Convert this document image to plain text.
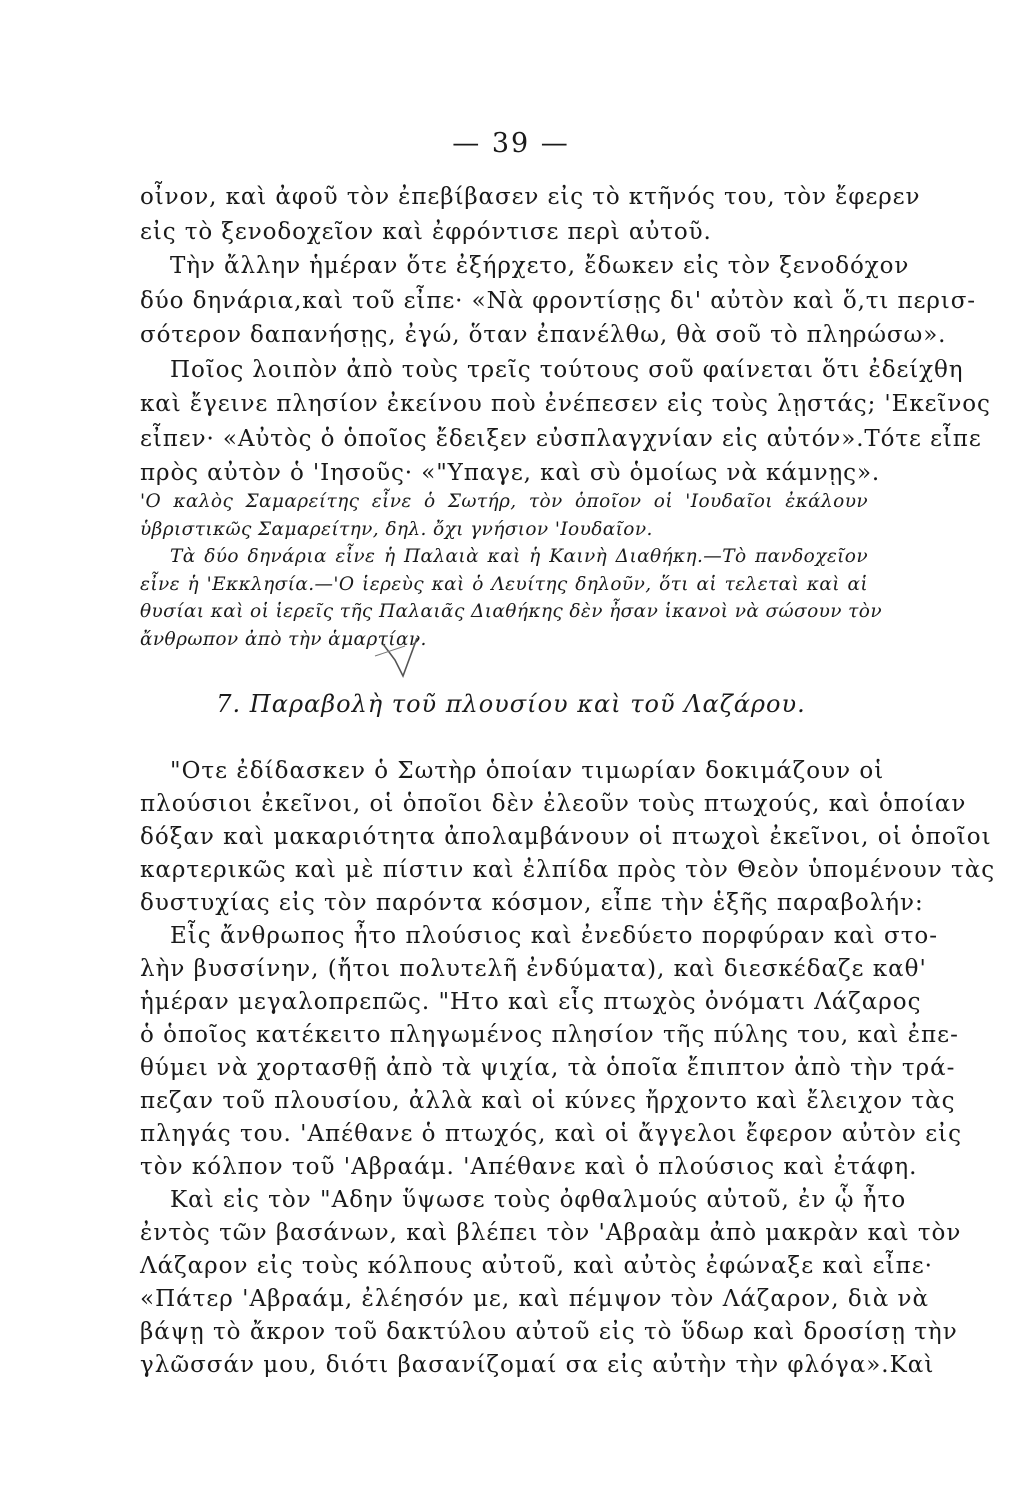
— 39 —
οἶνον, καὶ ἀφοῦ τὸν ἐπεβίβασεν εἰς τὸ κτῆνός του, τὸν ἔφερεν
εἰς τὸ ξενοδοχεῖον καὶ ἐφρόντισε περὶ αὐτοῦ.
Τὴν ἄλλην ἡμέραν ὅτε ἐξήρχετο, ἔδωκεν εἰς τὸν ξενοδόχον
δύο δηνάρια,καὶ τοῦ εἶπε· «Νὰ φροντίσῃς δι' αὐτὸν καὶ ὅ,τι περισ-
σότερον δαπανήσῃς, ἐγώ, ὅταν ἐπανέλθω, θὰ σοῦ τὸ πληρώσω».
Ποῖος λοιπὸν ἀπὸ τοὺς τρεῖς τούτους σοῦ φαίνεται ὅτι ἐδείχθη
καὶ ἔγεινε πλησίον ἐκείνου ποὺ ἐνέπεσεν εἰς τοὺς λῃστάς; 'Εκεῖνος
εἶπεν· «Αὐτὸς ὁ ὁποῖος ἔδειξεν εὐσπλαγχνίαν εἰς αὐτόν».Τότε εἶπε
πρὸς αὐτὸν ὁ 'Ιησοῦς· «"Υπαγε, καὶ σὺ ὁμοίως νὰ κάμνῃς».
'Ο καλὸς Σαμαρείτης εἶνε ὁ Σωτήρ, τὸν ὁποῖον οἱ 'Ιουδαῖοι ἐκάλουν
ὑβριστικῶς Σαμαρείτην, δηλ. ὄχι γνήσιον 'Ιουδαῖον.
Τὰ δύο δηνάρια εἶνε ἡ Παλαιὰ καὶ ἡ Καινὴ Διαθήκη.—Τὸ πανδοχεῖον
εἶνε ἡ 'Εκκλησία.—'Ο ἱερεὺς καὶ ὁ Λευίτης δηλοῦν, ὅτι αἱ τελεταὶ καὶ αἱ
θυσίαι καὶ οἱ ἱερεῖς τῆς Παλαιᾶς Διαθήκης δὲν ἦσαν ἱκανοὶ νὰ σώσουν τὸν
ἄνθρωπον ἀπὸ τὴν ἁμαρτίαν.
7. Παραβολὴ τοῦ πλουσίου καὶ τοῦ Λαζάρου.
"Οτε ἐδίδασκεν ὁ Σωτὴρ ὁποίαν τιμωρίαν δοκιμάζουν οἱ
πλούσιοι ἐκεῖνοι, οἱ ὁποῖοι δὲν ἐλεοῦν τοὺς πτωχούς, καὶ ὁποίαν
δόξαν καὶ μακαριότητα ἀπολαμβάνουν οἱ πτωχοὶ ἐκεῖνοι, οἱ ὁποῖοι
καρτερικῶς καὶ μὲ πίστιν καὶ ἐλπίδα πρὸς τὸν Θεὸν ὑπομένουν τὰς
δυστυχίας εἰς τὸν παρόντα κόσμον, εἶπε τὴν ἑξῆς παραβολήν:
Εἷς ἄνθρωπος ἦτο πλούσιος καὶ ἐνεδύετο πορφύραν καὶ στο-
λὴν βυσσίνην, (ἤτοι πολυτελῆ ἐνδύματα), καὶ διεσκέδαζε καθ'
ἡμέραν μεγαλοπρεπῶς. "Ητο καὶ εἷς πτωχὸς ὀνόματι Λάζαρος
ὁ ὁποῖος κατέκειτο πληγωμένος πλησίον τῆς πύλης του, καὶ ἐπε-
θύμει νὰ χορτασθῇ ἀπὸ τὰ ψιχία, τὰ ὁποῖα ἔπιπτον ἀπὸ τὴν τρά-
πεζαν τοῦ πλουσίου, ἀλλὰ καὶ οἱ κύνες ἤρχοντο καὶ ἔλειχον τὰς
πληγάς του. 'Απέθανε ὁ πτωχός, καὶ οἱ ἄγγελοι ἔφερον αὐτὸν εἰς
τὸν κόλπον τοῦ 'Αβραάμ. 'Απέθανε καὶ ὁ πλούσιος καὶ ἐτάφη.
Καὶ εἰς τὸν "Αδην ὕψωσε τοὺς ὀφθαλμούς αὐτοῦ, ἐν ᾧ ἦτο
ἐντὸς τῶν βασάνων, καὶ βλέπει τὸν 'Αβραὰμ ἀπὸ μακρὰν καὶ τὸν
Λάζαρον εἰς τοὺς κόλπους αὐτοῦ, καὶ αὐτὸς ἐφώναξε καὶ εἶπε·
«Πάτερ 'Αβραάμ, ἐλέησόν με, καὶ πέμψον τὸν Λάζαρον, διὰ νὰ
βάψῃ τὸ ἄκρον τοῦ δακτύλου αὐτοῦ εἰς τὸ ὕδωρ καὶ δροσίσῃ τὴν
γλῶσσάν μου, διότι βασανίζομαί σα εἰς αὐτὴν τὴν φλόγα».Καὶ
